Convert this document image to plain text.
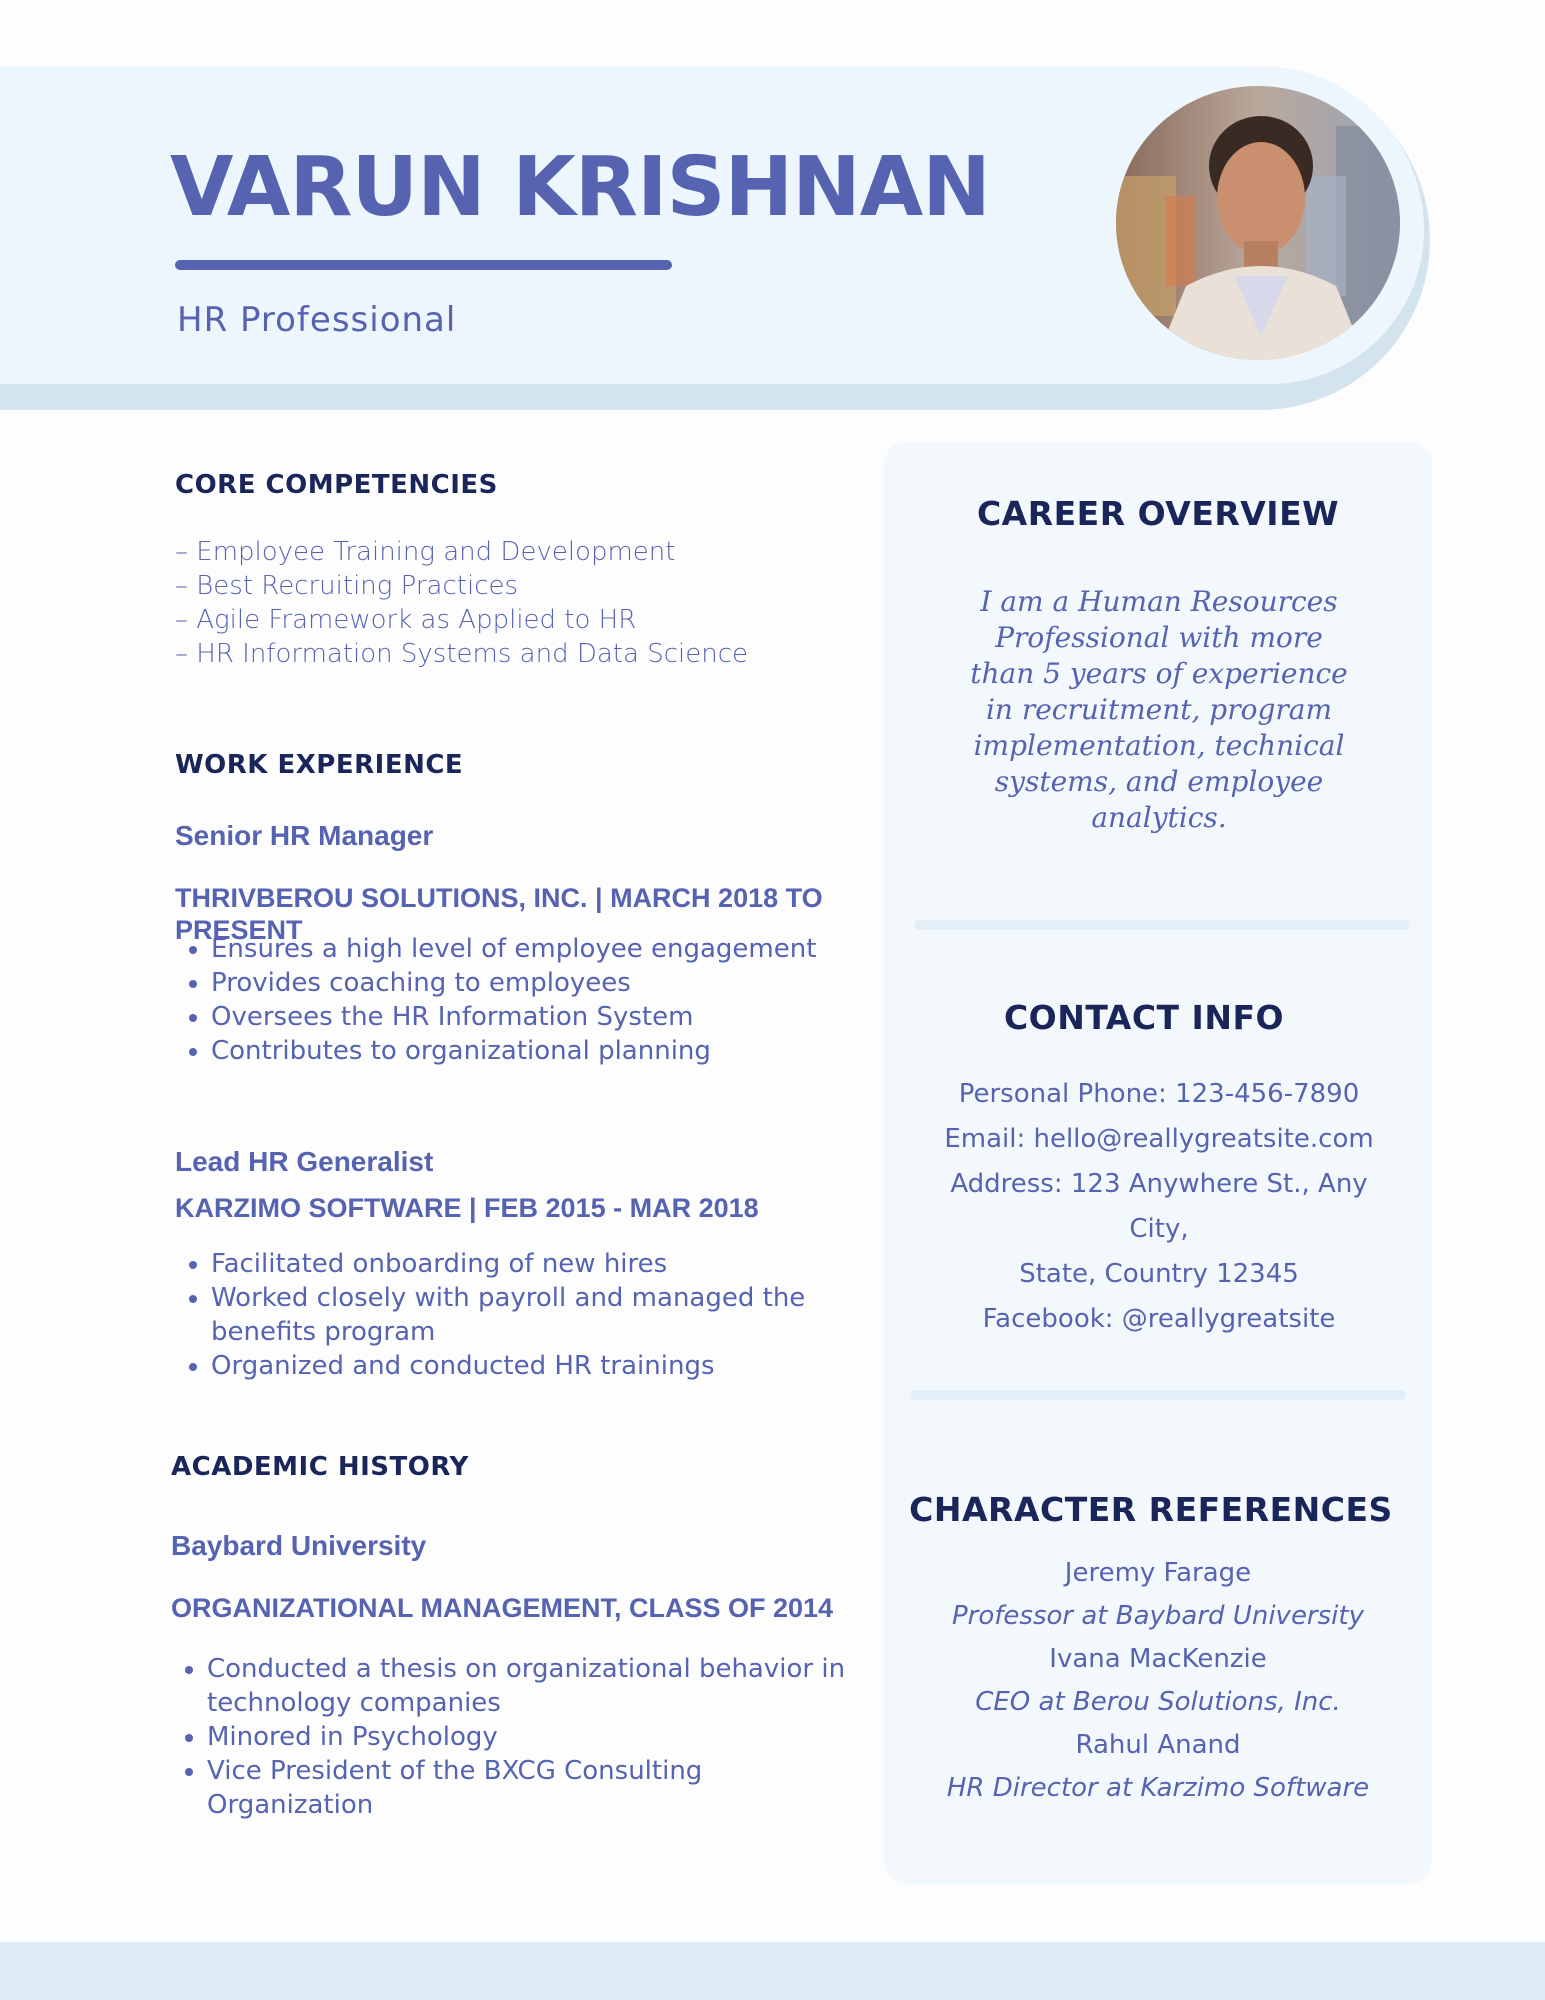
VARUN KRISHNAN
HR Professional
CORE COMPETENCIES
– Employee Training and Development
– Best Recruiting Practices
– Agile Framework as Applied to HR
– HR Information Systems and Data Science
WORK EXPERIENCE
Senior HR Manager
THRIVBEROU SOLUTIONS, INC. | MARCH 2018 TO PRESENT
• Ensures a high level of employee engagement
• Provides coaching to employees
• Oversees the HR Information System
• Contributes to organizational planning
Lead HR Generalist
KARZIMO SOFTWARE | FEB 2015 - MAR 2018
• Facilitated onboarding of new hires
• Worked closely with payroll and managed the benefits program
• Organized and conducted HR trainings
ACADEMIC HISTORY
Baybard University
ORGANIZATIONAL MANAGEMENT, CLASS OF 2014
• Conducted a thesis on organizational behavior in technology companies
• Minored in Psychology
• Vice President of the BXCG Consulting Organization
CAREER OVERVIEW

I am a Human Resources Professional with more than 5 years of experience in recruitment, program implementation, technical systems, and employee analytics.

CONTACT INFO
Personal Phone: 123-456-7890
Email: hello@reallygreatsite.com
Address: 123 Anywhere St., Any City,
State, Country 12345
Facebook: @reallygreatsite
CHARACTER REFERENCES
Jeremy Farage
Professor at Baybard University
Ivana MacKenzie
CEO at Berou Solutions, Inc.
Rahul Anand
HR Director at Karzimo Software
